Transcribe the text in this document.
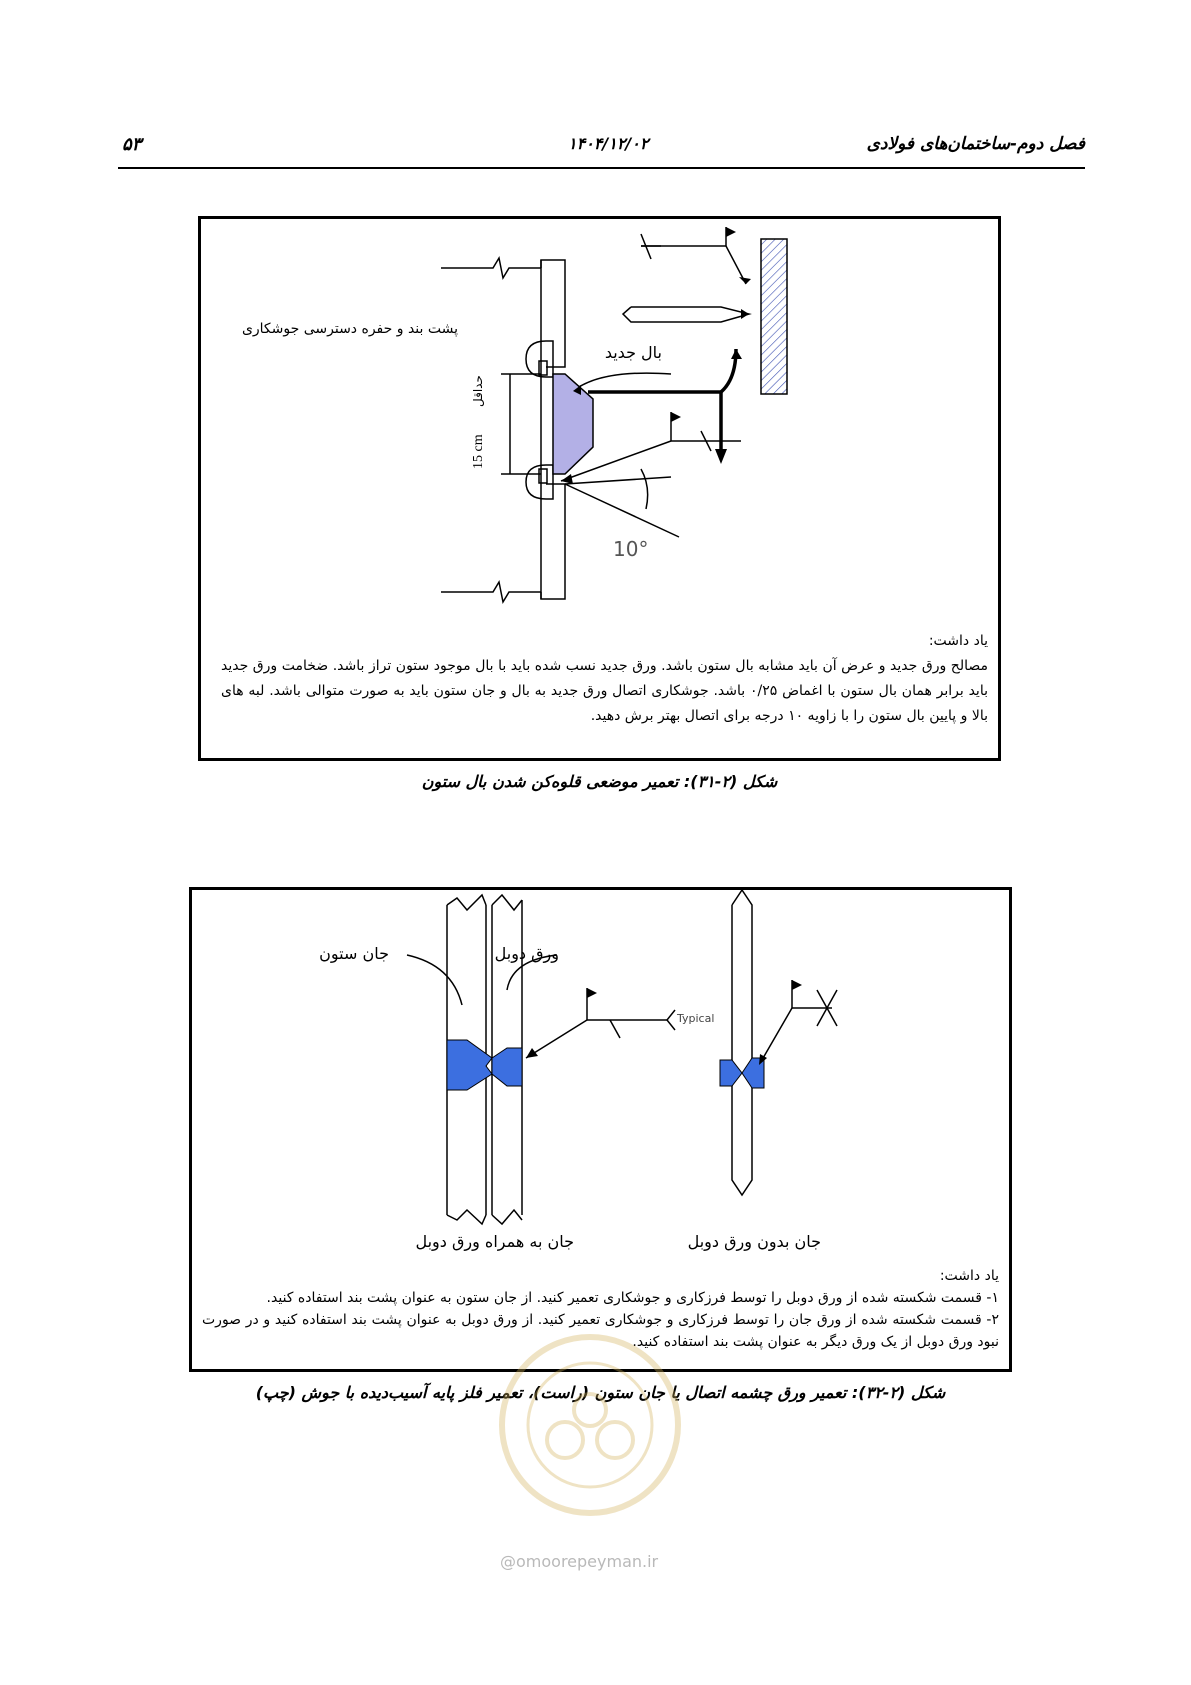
فصل دوم-ساختمان‌های فولادی
۱۴۰۴/۱۲/۰۲
۵۳
پشت بند و حفره دسترسی جوشکاری
بال جدید
حداقل
15 cm
10°
یاد داشت:
مصالح ورق جدید و عرض آن باید مشابه بال ستون باشد. ورق جدید نسب شده باید با بال موجود ستون تراز باشد. ضخامت ورق جدید باید برابر همان بال ستون با اغماض ۰/۲۵ باشد. جوشکاری اتصال ورق جدید به بال و جان ستون باید به صورت متوالی باشد. لبه های بالا و پایین بال ستون را با زاویه ۱۰ درجه برای اتصال بهتر برش دهید.
شکل (۲-۳۱): تعمیر موضعی قلوه‌کن شدن بال ستون
جان ستون	ورق دوبل
Typical
جان به همراه ورق دوبل	جان بدون ورق دوبل
یاد داشت:
۱- قسمت شکسته شده از ورق دوبل را توسط فرزکاری و جوشکاری تعمیر کنید. از جان ستون به عنوان پشت بند استفاده کنید.
۲- قسمت شکسته شده از ورق جان را توسط فرزکاری و جوشکاری تعمیر کنید. از ورق دوبل به عنوان پشت بند استفاده کنید و در صورت نبود ورق دوبل از یک ورق دیگر به عنوان پشت بند استفاده کنید.
شکل (۲-۳۲): تعمیر ورق چشمه اتصال یا جان ستون (راست)، تعمیر فلز پایه آسیب‌دیده با جوش (چپ)
@omoorepeyman.ir
